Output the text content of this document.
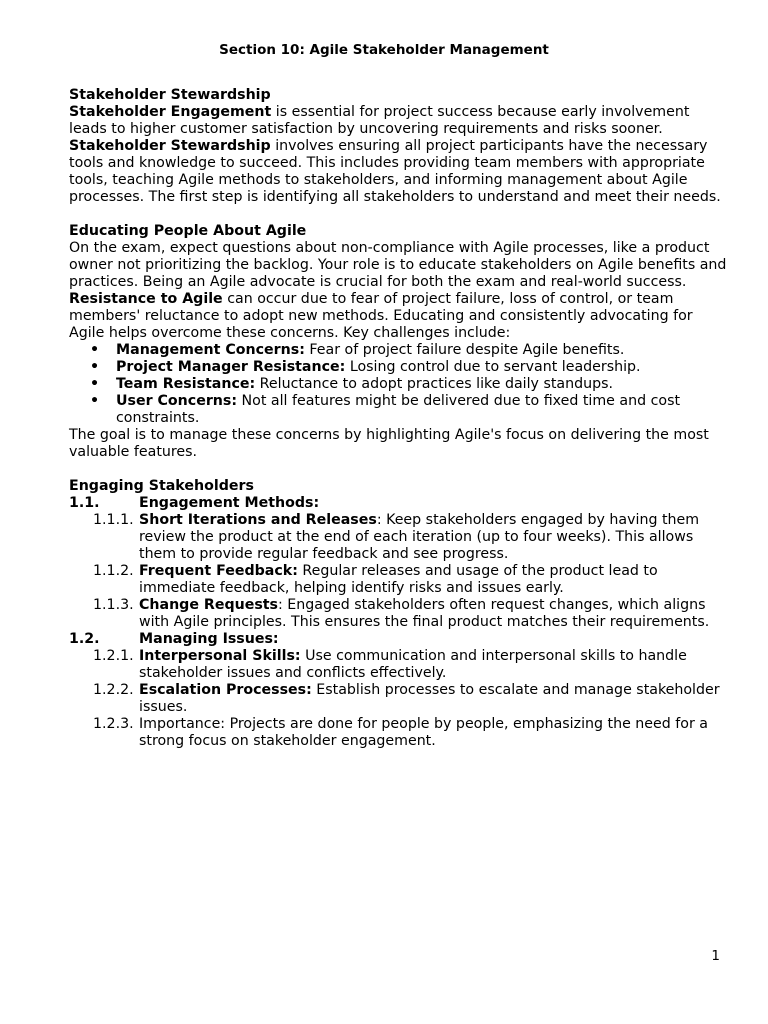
Section 10: Agile Stakeholder Management

Stakeholder Stewardship

Stakeholder Engagement is essential for project success because early involvement leads to higher customer satisfaction by uncovering requirements and risks sooner.

Stakeholder Stewardship involves ensuring all project participants have the necessary tools and knowledge to succeed. This includes providing team members with appropriate tools, teaching Agile methods to stakeholders, and informing management about Agile processes. The first step is identifying all stakeholders to understand and meet their needs.

Educating People About Agile

On the exam, expect questions about non-compliance with Agile processes, like a product owner not prioritizing the backlog. Your role is to educate stakeholders on Agile benefits and practices. Being an Agile advocate is crucial for both the exam and real-world success.

Resistance to Agile can occur due to fear of project failure, loss of control, or team members' reluctance to adopt new methods. Educating and consistently advocating for Agile helps overcome these concerns. Key challenges include:

• Management Concerns: Fear of project failure despite Agile benefits.
• Project Manager Resistance: Losing control due to servant leadership.
• Team Resistance: Reluctance to adopt practices like daily standups.
• User Concerns: Not all features might be delivered due to fixed time and cost constraints.

The goal is to manage these concerns by highlighting Agile's focus on delivering the most valuable features.

Engaging Stakeholders

1.1.	Engagement Methods:
1.1.1. Short Iterations and Releases: Keep stakeholders engaged by having them review the product at the end of each iteration (up to four weeks). This allows them to provide regular feedback and see progress.
1.1.2. Frequent Feedback: Regular releases and usage of the product lead to immediate feedback, helping identify risks and issues early.
1.1.3. Change Requests: Engaged stakeholders often request changes, which aligns with Agile principles. This ensures the final product matches their requirements.
1.2.	Managing Issues:
1.2.1. Interpersonal Skills: Use communication and interpersonal skills to handle stakeholder issues and conflicts effectively.
1.2.2. Escalation Processes: Establish processes to escalate and manage stakeholder issues.
1.2.3. Importance: Projects are done for people by people, emphasizing the need for a strong focus on stakeholder engagement.
1
